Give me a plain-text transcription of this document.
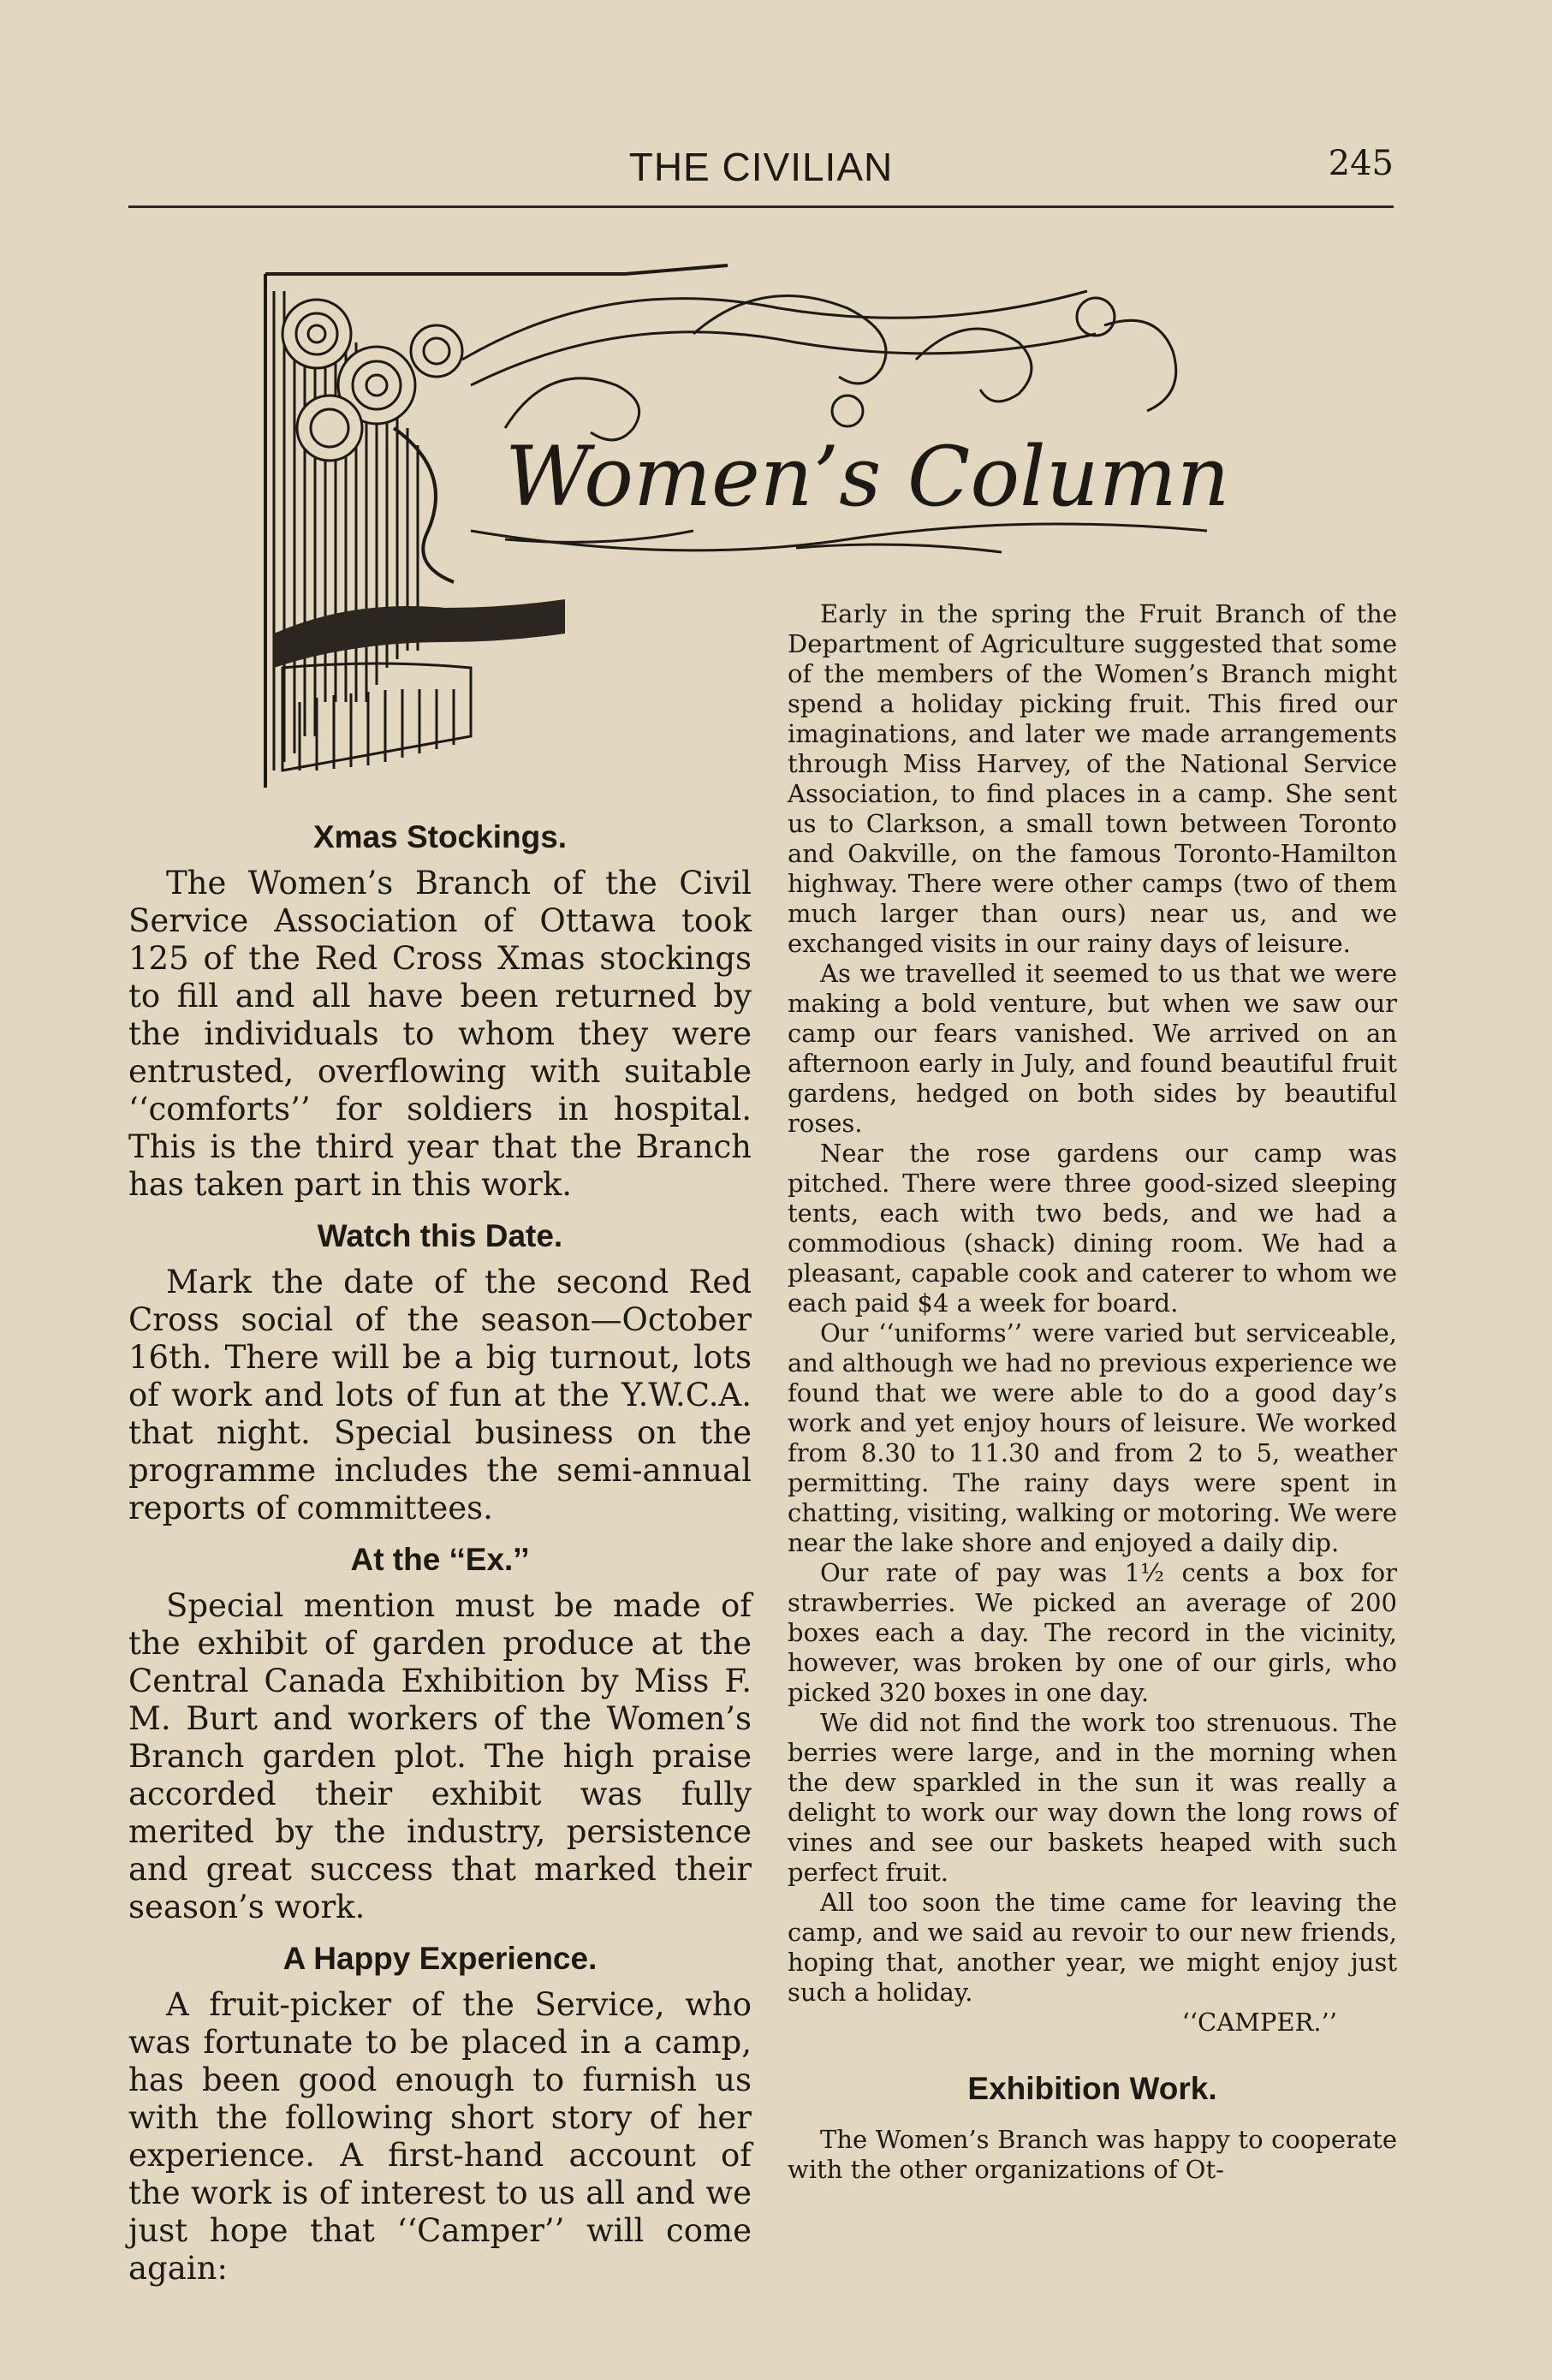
THE CIVILIAN	245
Women’s Column
Xmas Stockings.

The Women’s Branch of the Civil Service Association of Ottawa took 125 of the Red Cross Xmas stockings to fill and all have been returned by the individuals to whom they were entrusted, overflowing with suitable ‘‘comforts’’ for soldiers in hospital. This is the third year that the Branch has taken part in this work.

Watch this Date.

Mark the date of the second Red Cross social of the season—October 16th. There will be a big turnout, lots of work and lots of fun at the Y.W.C.A. that night. Special business on the programme includes the semi-annual reports of committees.

At the ‘‘Ex.’’

Special mention must be made of the exhibit of garden produce at the Central Canada Exhibition by Miss F. M. Burt and workers of the Women’s Branch garden plot. The high praise accorded their exhibit was fully merited by the industry, persistence and great success that marked their season’s work.

A Happy Experience.

A fruit-picker of the Service, who was fortunate to be placed in a camp, has been good enough to furnish us with the following short story of her experience. A first-hand account of the work is of interest to us all and we just hope that ‘‘Camper’’ will come again:

Early in the spring the Fruit Branch of the Department of Agriculture suggested that some of the members of the Women’s Branch might spend a holiday picking fruit. This fired our imaginations, and later we made arrangements through Miss Harvey, of the National Service Association, to find places in a camp. She sent us to Clarkson, a small town between Toronto and Oakville, on the famous Toronto-Hamilton highway. There were other camps (two of them much larger than ours) near us, and we exchanged visits in our rainy days of leisure.

As we travelled it seemed to us that we were making a bold venture, but when we saw our camp our fears vanished. We arrived on an afternoon early in July, and found beautiful fruit gardens, hedged on both sides by beautiful roses.

Near the rose gardens our camp was pitched. There were three good-sized sleeping tents, each with two beds, and we had a commodious (shack) dining room. We had a pleasant, capable cook and caterer to whom we each paid $4 a week for board.

Our ‘‘uniforms’’ were varied but serviceable, and although we had no previous experience we found that we were able to do a good day’s work and yet enjoy hours of leisure. We worked from 8.30 to 11.30 and from 2 to 5, weather permitting. The rainy days were spent in chatting, visiting, walking or motoring. We were near the lake shore and enjoyed a daily dip.

Our rate of pay was 1½ cents a box for strawberries. We picked an average of 200 boxes each a day. The record in the vicinity, however, was broken by one of our girls, who picked 320 boxes in one day.

We did not find the work too strenuous. The berries were large, and in the morning when the dew sparkled in the sun it was really a delight to work our way down the long rows of vines and see our baskets heaped with such perfect fruit.

All too soon the time came for leaving the camp, and we said au revoir to our new friends, hoping that, another year, we might enjoy just such a holiday.

‘‘CAMPER.’’

Exhibition Work.

The Women’s Branch was happy to cooperate with the other organizations of Ot-
